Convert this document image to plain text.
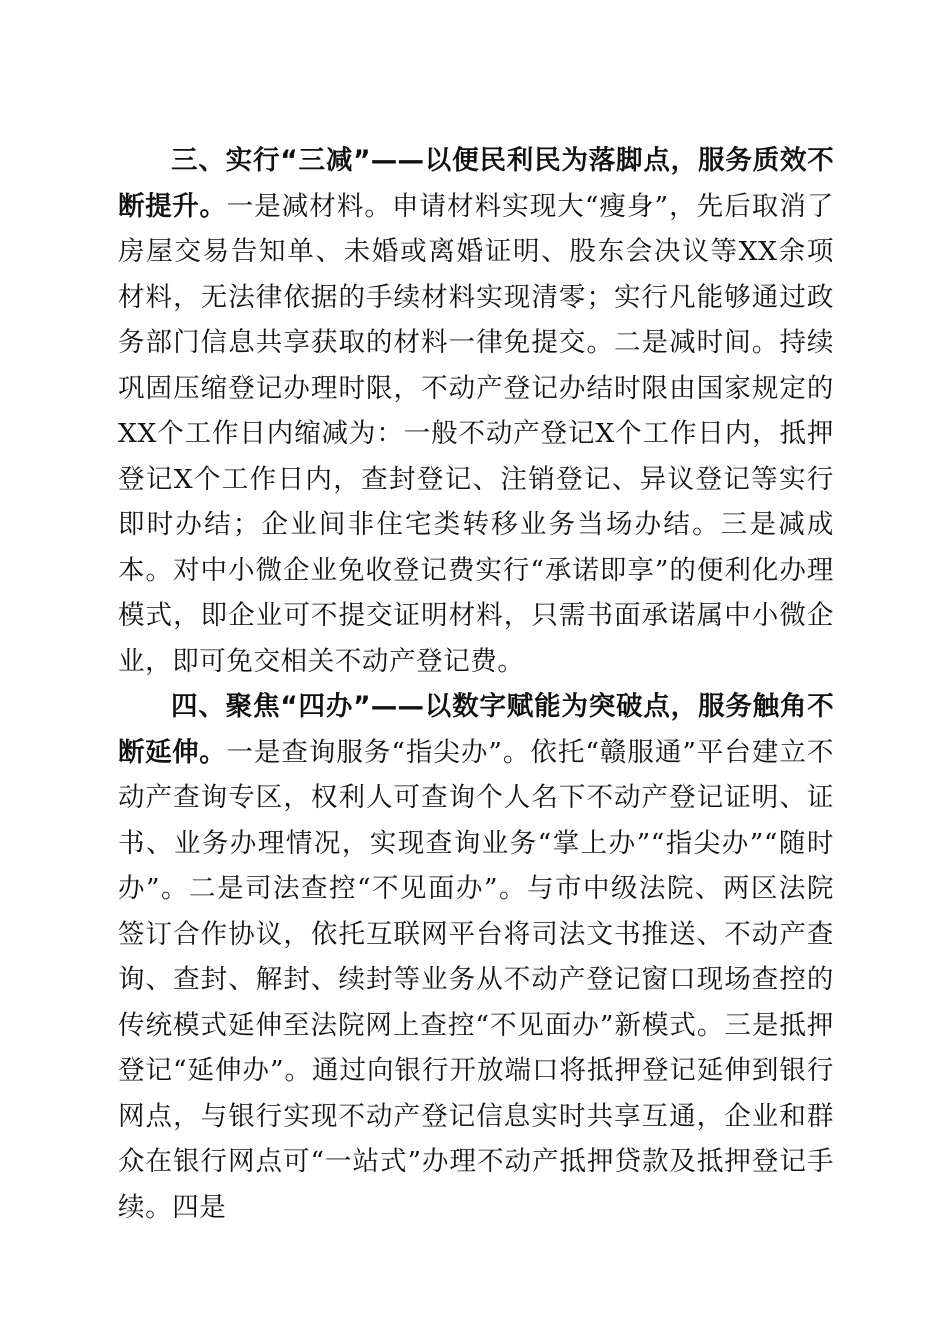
三、实行“三减”——以便民利民为落脚点，服务质效不断提升。一是减材料。申请材料实现大“瘦身”，先后取消了房屋交易告知单、未婚或离婚证明、股东会决议等XX余项材料，无法律依据的手续材料实现清零；实行凡能够通过政务部门信息共享获取的材料一律免提交。二是减时间。持续巩固压缩登记办理时限，不动产登记办结时限由国家规定的XX个工作日内缩减为：一般不动产登记X个工作日内，抵押登记X个工作日内，查封登记、注销登记、异议登记等实行即时办结；企业间非住宅类转移业务当场办结。三是减成本。对中小微企业免收登记费实行“承诺即享”的便利化办理模式，即企业可不提交证明材料，只需书面承诺属中小微企业，即可免交相关不动产登记费。

四、聚焦“四办”——以数字赋能为突破点，服务触角不断延伸。一是查询服务“指尖办”。依托“赣服通”平台建立不动产查询专区，权利人可查询个人名下不动产登记证明、证书、业务办理情况，实现查询业务“掌上办”“指尖办”“随时办”。二是司法查控“不见面办”。与市中级法院、两区法院签订合作协议，依托互联网平台将司法文书推送、不动产查询、查封、解封、续封等业务从不动产登记窗口现场查控的传统模式延伸至法院网上查控“不见面办”新模式。三是抵押登记“延伸办”。通过向银行开放端口将抵押登记延伸到银行网点，与银行实现不动产登记信息实时共享互通，企业和群众在银行网点可“一站式”办理不动产抵押贷款及抵押登记手续。四是
